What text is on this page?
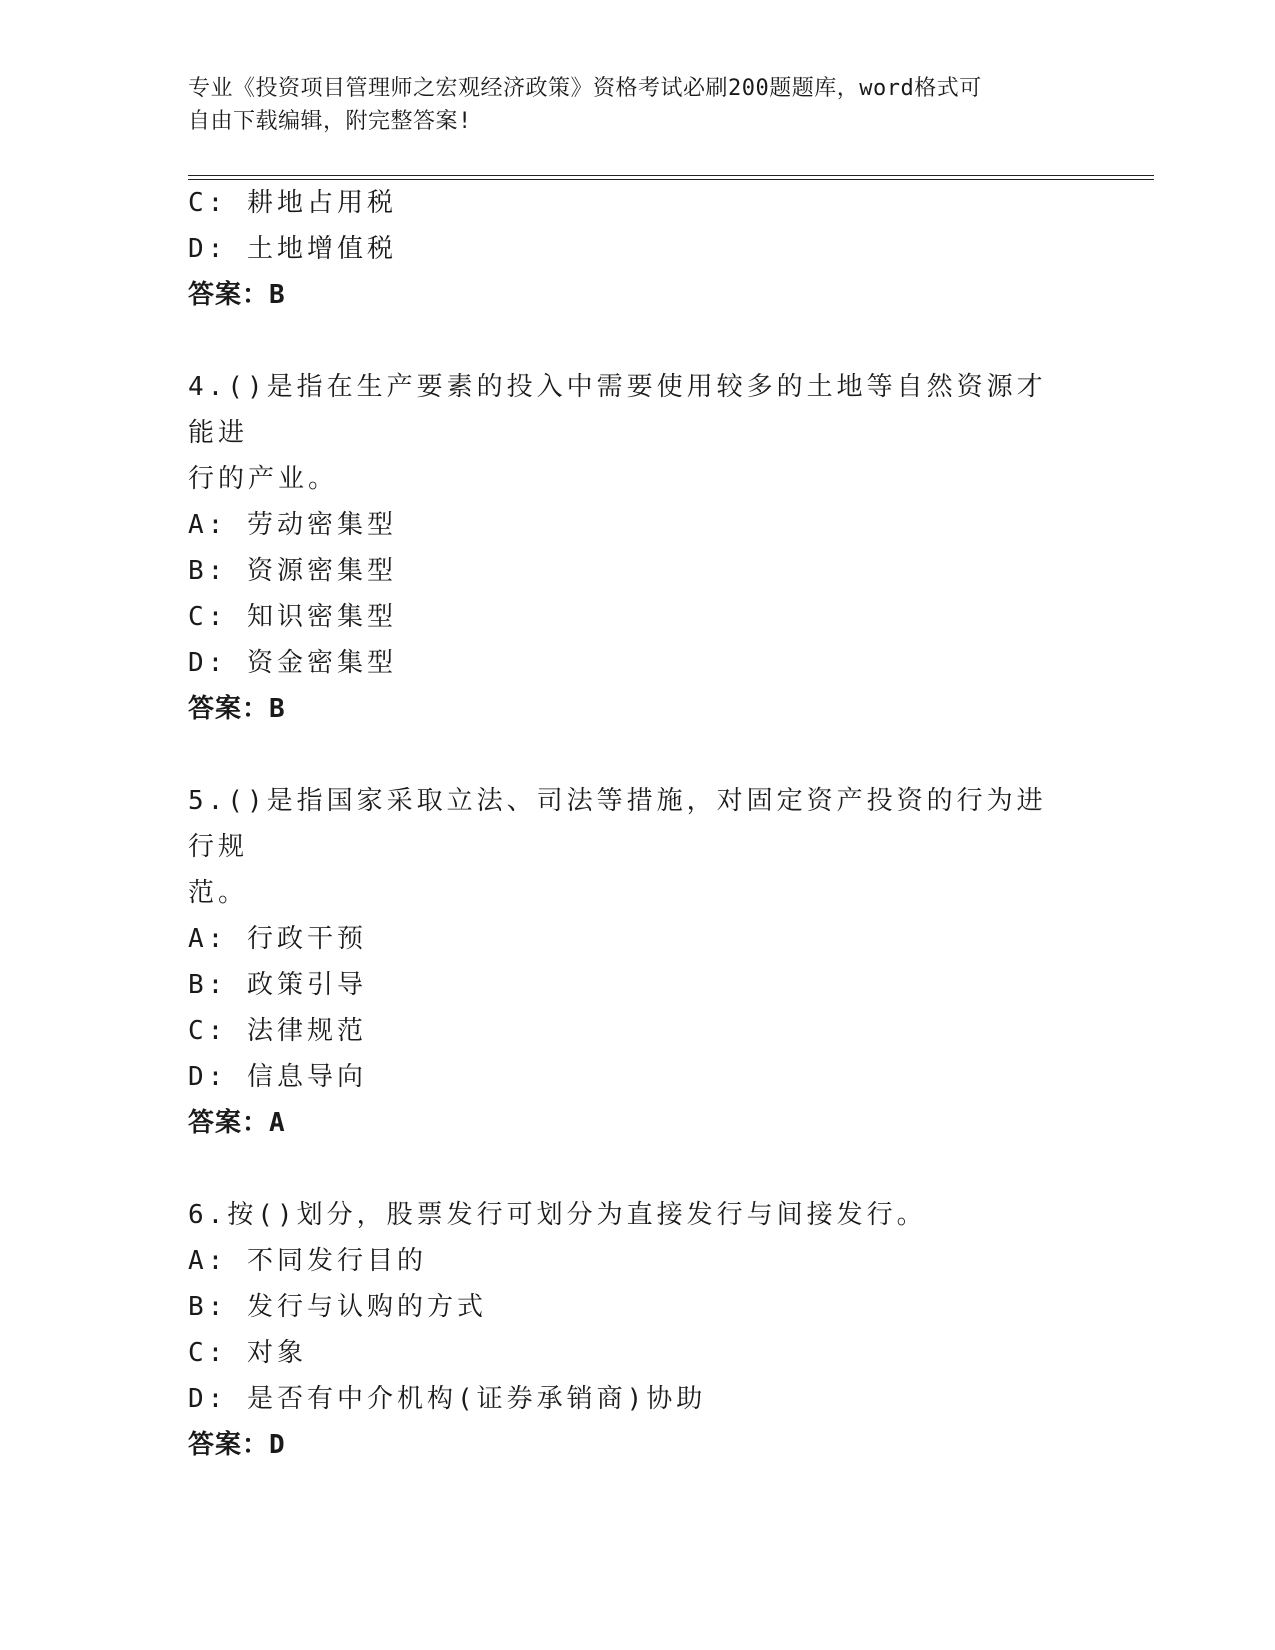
专业《投资项目管理师之宏观经济政策》资格考试必刷200题题库，word格式可
自由下载编辑，附完整答案!
C: 耕地占用税
D: 土地增值税
答案：B
4.()是指在生产要素的投入中需要使用较多的土地等自然资源才能进
行的产业。
A: 劳动密集型
B: 资源密集型
C: 知识密集型
D: 资金密集型
答案：B
5.()是指国家采取立法、司法等措施，对固定资产投资的行为进行规
范。
A: 行政干预
B: 政策引导
C: 法律规范
D: 信息导向
答案：A
6.按()划分，股票发行可划分为直接发行与间接发行。
A: 不同发行目的
B: 发行与认购的方式
C: 对象
D: 是否有中介机构(证券承销商)协助
答案：D
